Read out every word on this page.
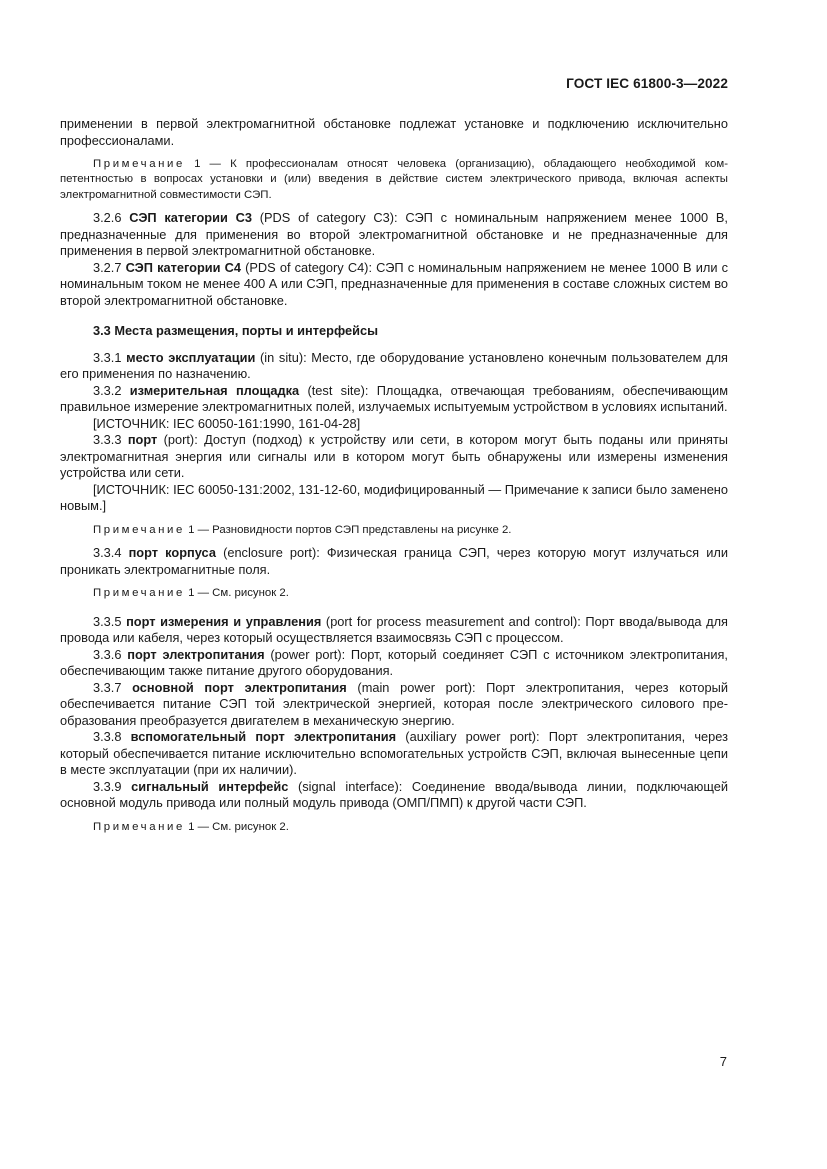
ГОСТ IEC 61800-3—2022

применении в первой электромагнитной обстановке подлежат установке и подключению исключительно профессионалами.

Примечание 1 — К профессионалам относят человека (организацию), обладающего необходимой компетентностью в вопросах установки и (или) введения в действие систем электрического привода, включая аспекты электромагнитной совместимости СЭП.

3.2.6 СЭП категории С3 (PDS of category C3): СЭП с номинальным напряжением менее 1000 В, предназначенные для применения во второй электромагнитной обстановке и не предназначенные для применения в первой электромагнитной обстановке.

3.2.7 СЭП категории С4 (PDS of category C4): СЭП с номинальным напряжением не менее 1000 В или с номинальным током не менее 400 А или СЭП, предназначенные для применения в составе сложных систем во второй электромагнитной обстановке.

3.3 Места размещения, порты и интерфейсы

3.3.1 место эксплуатации (in situ): Место, где оборудование установлено конечным пользователем для его применения по назначению.

3.3.2 измерительная площадка (test site): Площадка, отвечающая требованиям, обеспечивающим правильное измерение электромагнитных полей, излучаемых испытуемым устройством в условиях испытаний.

[ИСТОЧНИК: IEC 60050-161:1990, 161-04-28]

3.3.3 порт (port): Доступ (подход) к устройству или сети, в котором могут быть поданы или приняты электромагнитная энергия или сигналы или в котором могут быть обнаружены или измерены изменения устройства или сети.

[ИСТОЧНИК: IEC 60050-131:2002, 131-12-60, модифицированный — Примечание к записи было заменено новым.]

Примечание 1 — Разновидности портов СЭП представлены на рисунке 2.

3.3.4 порт корпуса (enclosure port): Физическая граница СЭП, через которую могут излучаться или проникать электромагнитные поля.

Примечание 1 — См. рисунок 2.

3.3.5 порт измерения и управления (port for process measurement and control): Порт ввода/вывода для провода или кабеля, через который осуществляется взаимосвязь СЭП с процессом.

3.3.6 порт электропитания (power port): Порт, который соединяет СЭП с источником электропитания, обеспечивающим также питание другого оборудования.

3.3.7 основной порт электропитания (main power port): Порт электропитания, через который обеспечивается питание СЭП той электрической энергией, которая после электрического силового преобразования преобразуется двигателем в механическую энергию.

3.3.8 вспомогательный порт электропитания (auxiliary power port): Порт электропитания, через который обеспечивается питание исключительно вспомогательных устройств СЭП, включая вынесенные цепи в месте эксплуатации (при их наличии).

3.3.9 сигнальный интерфейс (signal interface): Соединение ввода/вывода линии, подключающей основной модуль привода или полный модуль привода (ОМП/ПМП) к другой части СЭП.

Примечание 1 — См. рисунок 2.

7
